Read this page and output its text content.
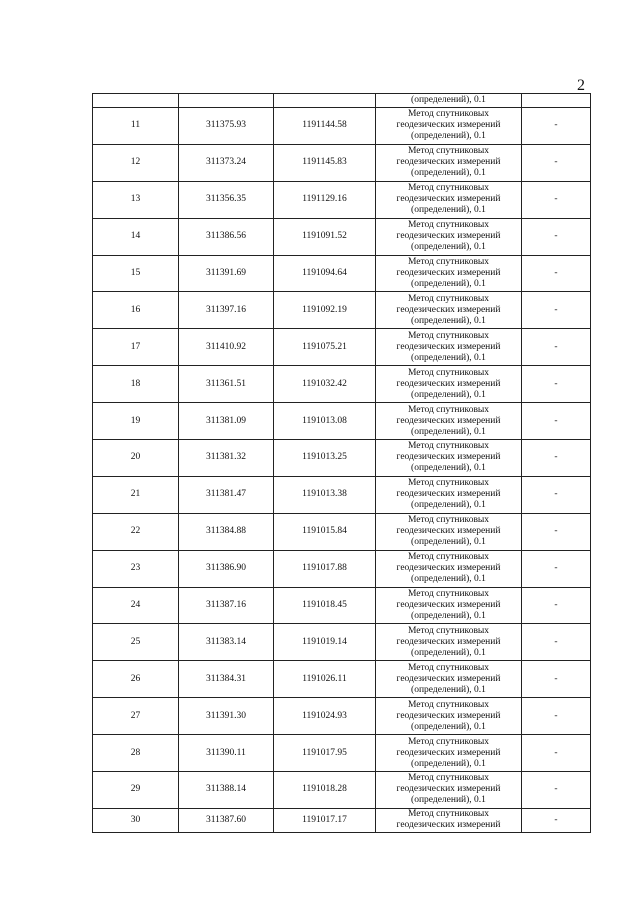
2
			(определений), 0.1	
11	311375.93	1191144.58	Метод спутниковых
геодезических измерений
(определений), 0.1	-
12	311373.24	1191145.83	Метод спутниковых
геодезических измерений
(определений), 0.1	-
13	311356.35	1191129.16	Метод спутниковых
геодезических измерений
(определений), 0.1	-
14	311386.56	1191091.52	Метод спутниковых
геодезических измерений
(определений), 0.1	-
15	311391.69	1191094.64	Метод спутниковых
геодезических измерений
(определений), 0.1	-
16	311397.16	1191092.19	Метод спутниковых
геодезических измерений
(определений), 0.1	-
17	311410.92	1191075.21	Метод спутниковых
геодезических измерений
(определений), 0.1	-
18	311361.51	1191032.42	Метод спутниковых
геодезических измерений
(определений), 0.1	-
19	311381.09	1191013.08	Метод спутниковых
геодезических измерений
(определений), 0.1	-
20	311381.32	1191013.25	Метод спутниковых
геодезических измерений
(определений), 0.1	-
21	311381.47	1191013.38	Метод спутниковых
геодезических измерений
(определений), 0.1	-
22	311384.88	1191015.84	Метод спутниковых
геодезических измерений
(определений), 0.1	-
23	311386.90	1191017.88	Метод спутниковых
геодезических измерений
(определений), 0.1	-
24	311387.16	1191018.45	Метод спутниковых
геодезических измерений
(определений), 0.1	-
25	311383.14	1191019.14	Метод спутниковых
геодезических измерений
(определений), 0.1	-
26	311384.31	1191026.11	Метод спутниковых
геодезических измерений
(определений), 0.1	-
27	311391.30	1191024.93	Метод спутниковых
геодезических измерений
(определений), 0.1	-
28	311390.11	1191017.95	Метод спутниковых
геодезических измерений
(определений), 0.1	-
29	311388.14	1191018.28	Метод спутниковых
геодезических измерений
(определений), 0.1	-
30	311387.60	1191017.17	Метод спутниковых
геодезических измерений	-
